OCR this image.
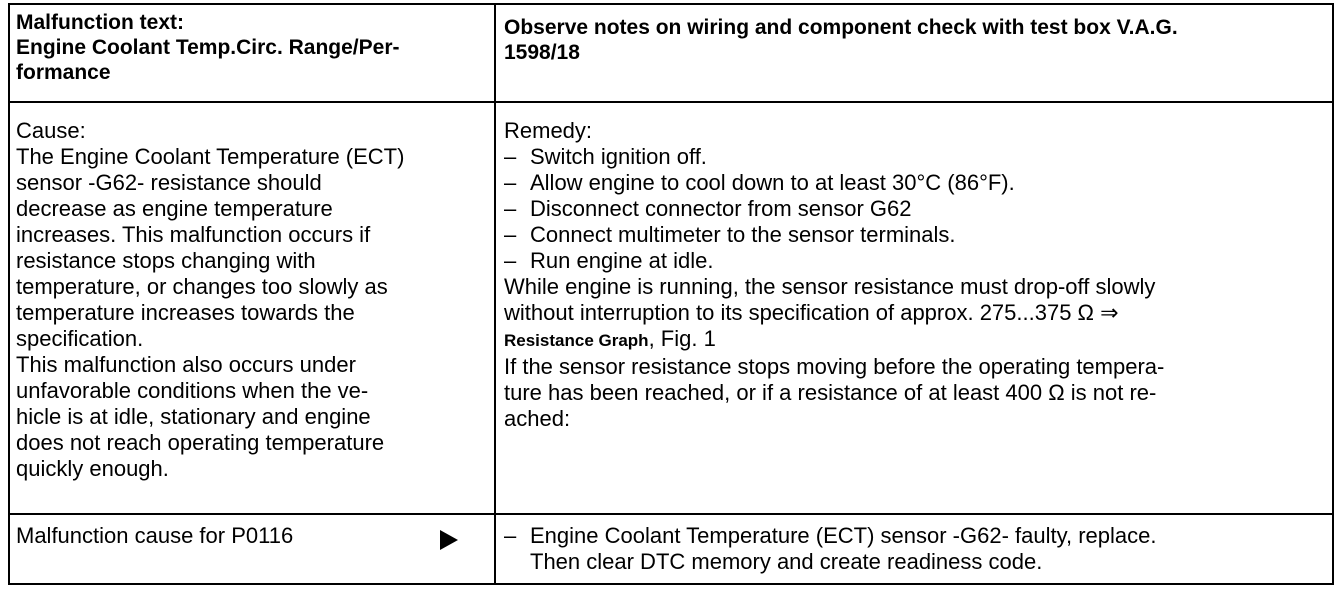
Malfunction text:
Engine Coolant Temp.Circ. Range/Per-
formance
Observe notes on wiring and component check with test box V.A.G.
1598/18
Cause:
The Engine Coolant Temperature (ECT)
sensor -G62- resistance should
decrease as engine temperature
increases. This malfunction occurs if
resistance stops changing with
temperature, or changes too slowly as
temperature increases towards the
specification.
This malfunction also occurs under
unfavorable conditions when the ve-
hicle is at idle, stationary and engine
does not reach operating temperature
quickly enough.
Remedy:
– Switch ignition off.
– Allow engine to cool down to at least 30°C (86°F).
– Disconnect connector from sensor G62
– Connect multimeter to the sensor terminals.
– Run engine at idle.
While engine is running, the sensor resistance must drop-off slowly
without interruption to its specification of approx. 275...375 Ω ⇒
Resistance Graph, Fig. 1
If the sensor resistance stops moving before the operating tempera-
ture has been reached, or if a resistance of at least 400 Ω is not re-
ached:
Malfunction cause for P0116	– Engine Coolant Temperature (ECT) sensor -G62- faulty, replace.
Then clear DTC memory and create readiness code.
